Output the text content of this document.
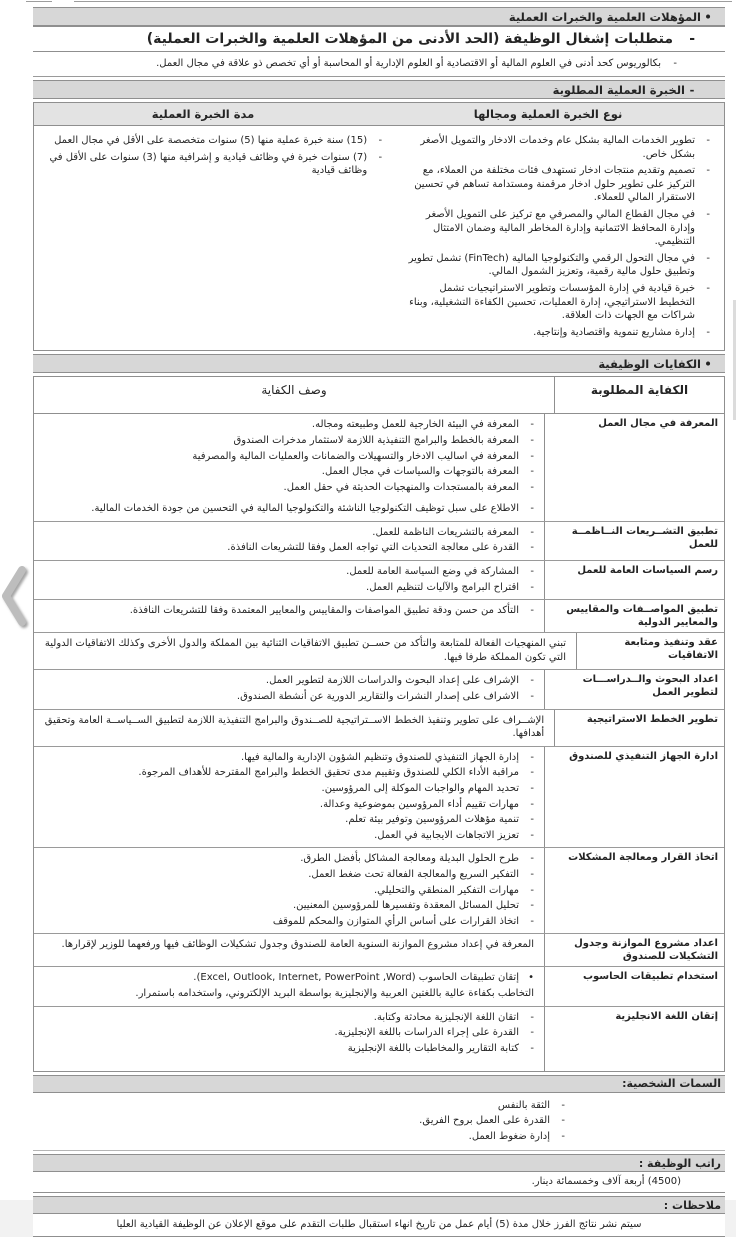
•
المؤهلات العلمية والخبرات العملية
-
متطلبات إشغال الوظيفة (الحد الأدنى من المؤهلات العلمية والخبرات العملية)
-
بكالوريوس كحد أدنى في العلوم المالية أو الاقتصادية أو العلوم الإدارية أو المحاسبة أو أي تخصص ذو علاقة في مجال العمل.
-
الخبرة العملية المطلوبة
نوع الخبرة العملية ومجالها
مدة الخبرة العملية
-
تطوير الخدمات المالية بشكل عام وخدمات الادخار والتمويل الأصغر بشكل خاص.
-
تصميم وتقديم منتجات ادخار تستهدف فئات مختلفة من العملاء، مع التركيز على تطوير حلول ادخار مرقمنة ومستدامة تساهم في تحسين الاستقرار المالي للعملاء.
-
في مجال القطاع المالي والمصرفي مع تركيز على التمويل الأصغر وإدارة المحافظ الائتمانية وإدارة المخاطر المالية وضمان الامتثال التنظيمي.
-
في مجال التحول الرقمي والتكنولوجيا المالية (FinTech) تشمل تطوير وتطبيق حلول مالية رقمية، وتعزيز الشمول المالي.
-
خبرة قيادية في إدارة المؤسسات وتطوير الاستراتيجيات تشمل التخطيط الاستراتيجي، إدارة العمليات، تحسين الكفاءة التشغيلية، وبناء شراكات مع الجهات ذات العلاقة.
-
إدارة مشاريع تنموية واقتصادية وإنتاجية.
-
(15) سنة خبرة عملية منها (5) سنوات متخصصة على الأقل في مجال العمل
-
(7) سنوات خبرة في وظائف قيادية و إشرافية منها (3) سنوات على الأقل في وظائف قيادية
•
الكفايات الوظيفية
الكفاية المطلوبة
وصف الكفاية
المعرفة في مجال العمل
-
المعرفة في البيئة الخارجية للعمل وطبيعته ومجاله.
-
المعرفة بالخطط والبرامج التنفيذية اللازمة لاستثمار مدخرات الصندوق
-
المعرفة في اساليب الادخار والتسهيلات والضمانات والعمليات المالية والمصرفية
-
المعرفة بالتوجهات والسياسات في مجال العمل.
-
المعرفة بالمستجدات والمنهجيات الحديثة في حقل العمل.
-
الاطلاع على سبل توظيف التكنولوجيا الناشئة والتكنولوجيا المالية في التحسين من جودة الخدمات المالية.
تطبيق التشــريعات النــاظمــة للعمل
-
المعرفة بالتشريعات الناظمة للعمل.
-
القدرة على معالجة التحديات التي تواجه العمل وفقا للتشريعات النافذة.
رسم السياسات العامة للعمل
-
المشاركة في وضع السياسة العامة للعمل.
-
اقتراح البرامج والآليات لتنظيم العمل.
تطبيق المواصــفات والمقاييس والمعايير الدولية
-
التأكد من حسن ودقة تطبيق المواصفات والمقاييس والمعايير المعتمدة وفقا للتشريعات النافذة.
عقد وتنفيذ ومتابعة الاتفاقيات
تبني المنهجيات الفعالة للمتابعة والتأكد من حســن تطبيق الاتفاقيات الثنائية بين المملكة والدول الأخرى وكذلك الاتفاقيات الدولية التي تكون المملكة طرفا فيها.
اعداد البحوث والــدراســـات لتطوير العمل
-
الإشراف على إعداد البحوث والدراسات اللازمة لتطوير العمل.
-
الاشراف على إصدار النشرات والتقارير الدورية عن أنشطة الصندوق.
تطوير الخطط الاستراتيجية
الإشــراف على تطوير وتنفيذ الخطط الاســتراتيجية للصــندوق والبرامج التنفيذية اللازمة لتطبيق الســياســة العامة وتحقيق أهدافها.
ادارة الجهاز التنفيذي للصندوق
-
إدارة الجهاز التنفيذي للصندوق وتنظيم الشؤون الإدارية والمالية فيها.
-
مراقبة الأداء الكلي للصندوق وتقييم مدى تحقيق الخطط والبرامج المقترحة للأهداف المرجوة.
-
تحديد المهام والواجبات الموكلة إلى المرؤوسين.
-
مهارات تقييم أداء المرؤوسين بموضوعية وعدالة.
-
تنمية مؤهلات المرؤوسين وتوفير بيئة تعلم.
-
تعزيز الاتجاهات الايجابية في العمل.
اتخاذ القرار ومعالجة المشكلات
-
طرح الحلول البديلة ومعالجة المشاكل بأفضل الطرق.
-
التفكير السريع والمعالجة الفعالة تحت ضغط العمل.
-
مهارات التفكير المنطقي والتحليلي.
-
تحليل المسائل المعقدة وتفسيرها للمرؤوسين المعنيين.
-
اتخاذ القرارات على أساس الرأي المتوازن والمحكم للموقف
اعداد مشروع الموازنة وجدول التشكيلات للصندوق
المعرفة في إعداد مشروع الموازنة السنوية العامة للصندوق وجدول تشكيلات الوظائف فيها ورفعهما للوزير لإقرارها.
استخدام تطبيقات الحاسوب
•
إتقان تطبيقات الحاسوب (Excel, Outlook, Internet, PowerPoint ,Word).
التخاطب بكفاءة عالية باللغتين العربية والإنجليزية بواسطة البريد الإلكتروني، واستخدامه باستمرار.
إتقان اللغة الانجليزية
-
اتقان اللغة الإنجليزية محادثة وكتابة.
-
القدرة على إجراء الدراسات باللغة الإنجليزية.
-
كتابة التقارير والمخاطبات باللغة الإنجليزية
السمات الشخصية:
-
الثقة بالنفس
-
القدرة على العمل بروح الفريق.
-
إدارة ضغوط العمل.
راتب الوظيفة :
(4500) أربعة آلاف وخمسمائة دينار.
ملاحظات :
سيتم نشر نتائج الفرز خلال مدة (5) أيام عمل من تاريخ انهاء استقبال طلبات التقدم على موقع الإعلان عن الوظيفة القيادية العليا
